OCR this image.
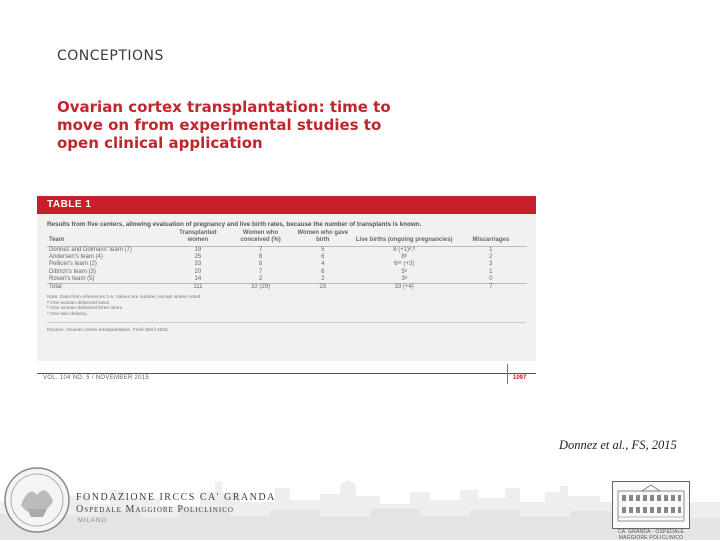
CONCEPTIONS
Ovarian cortex transplantation: time to move on from experimental studies to open clinical application
TABLE 1
Results from five centers, allowing evaluation of pregnancy and live birth rates, because the number of transplants is known.
Team	Transplanted women	Women who conceived (%)	Women who gave birth	Live births (ongoing pregnancies)	Miscarriages
Donnez and Dolmans' team (7)	19	7	5	8 (+1)ᵃ,ᵇ	1
Andersen's team (4)	25	8	6	8ᵇ	2
Pellicer's team (2)	33	8	4	6ᵃᶜ (+3)	3
Dittrich's team (3)	20	7	6	5ᵃ	1
Rosen's team (5)	14	2	2	3ᵃ	0
Total	111	32 (29)	23	33 (+4)	7
Note: Data from references 2-5. Values are number, except where noted.
ᵃ One woman delivered twice.
ᵇ One woman delivered three times.
ᶜ One twin delivery.
Donnez. Ovarian cortex transplantation. Fertil Steril 2015.
VOL. 104 NO. 5 / NOVEMBER 2015	1097
Donnez et al., FS, 2015
FONDAZIONE IRCCS CA' GRANDA
Ospedale Maggiore Policlinico
MILANO
CA' GRANDA · OSPEDALE MAGGIORE POLICLINICO
